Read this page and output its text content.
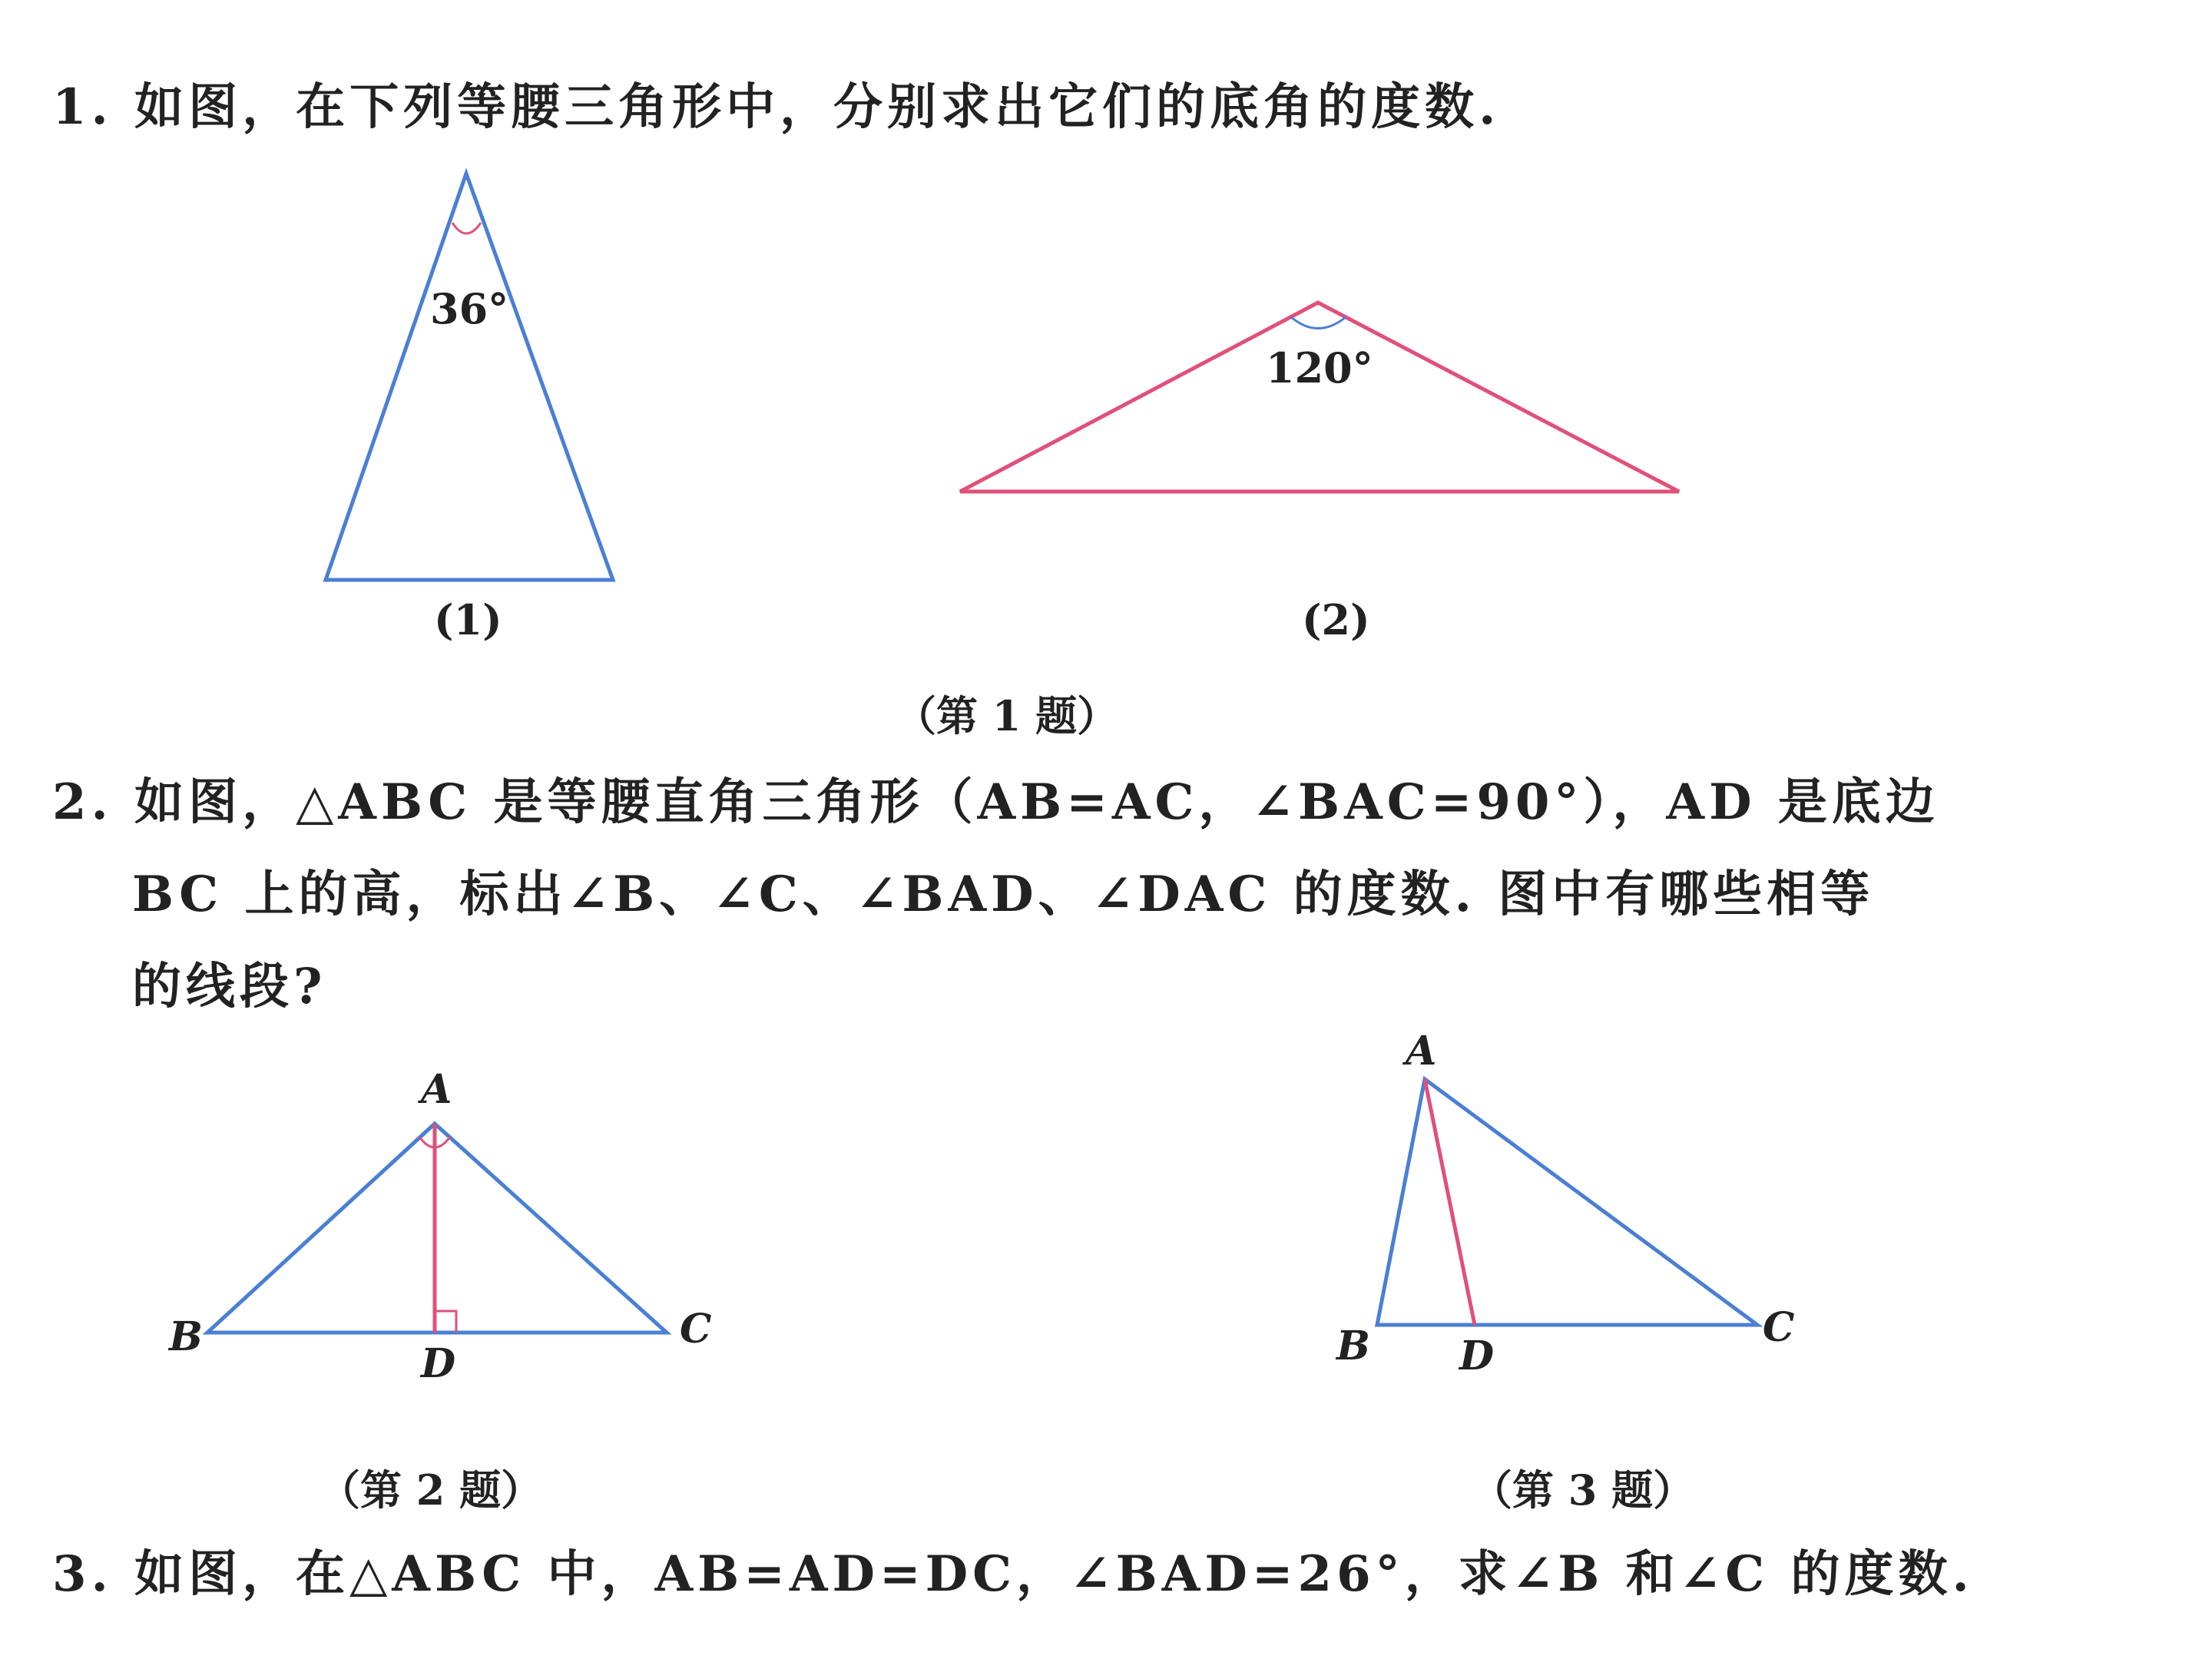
1. 如图，在下列等腰三角形中，分别求出它们的底角的度数.
36°
(1)
120°
(2)
（第 1 题）
2. 如图，△ABC 是等腰直角三角形（AB=AC，∠BAC=90°），AD 是底边
BC 上的高，标出∠B、∠C、∠BAD、∠DAC 的度数. 图中有哪些相等
的线段?
A
B	C
D
（第 2 题）
A
B	C
D
（第 3 题）
3. 如图，在△ABC 中，AB=AD=DC，∠BAD=26°，求∠B 和∠C 的度数.
